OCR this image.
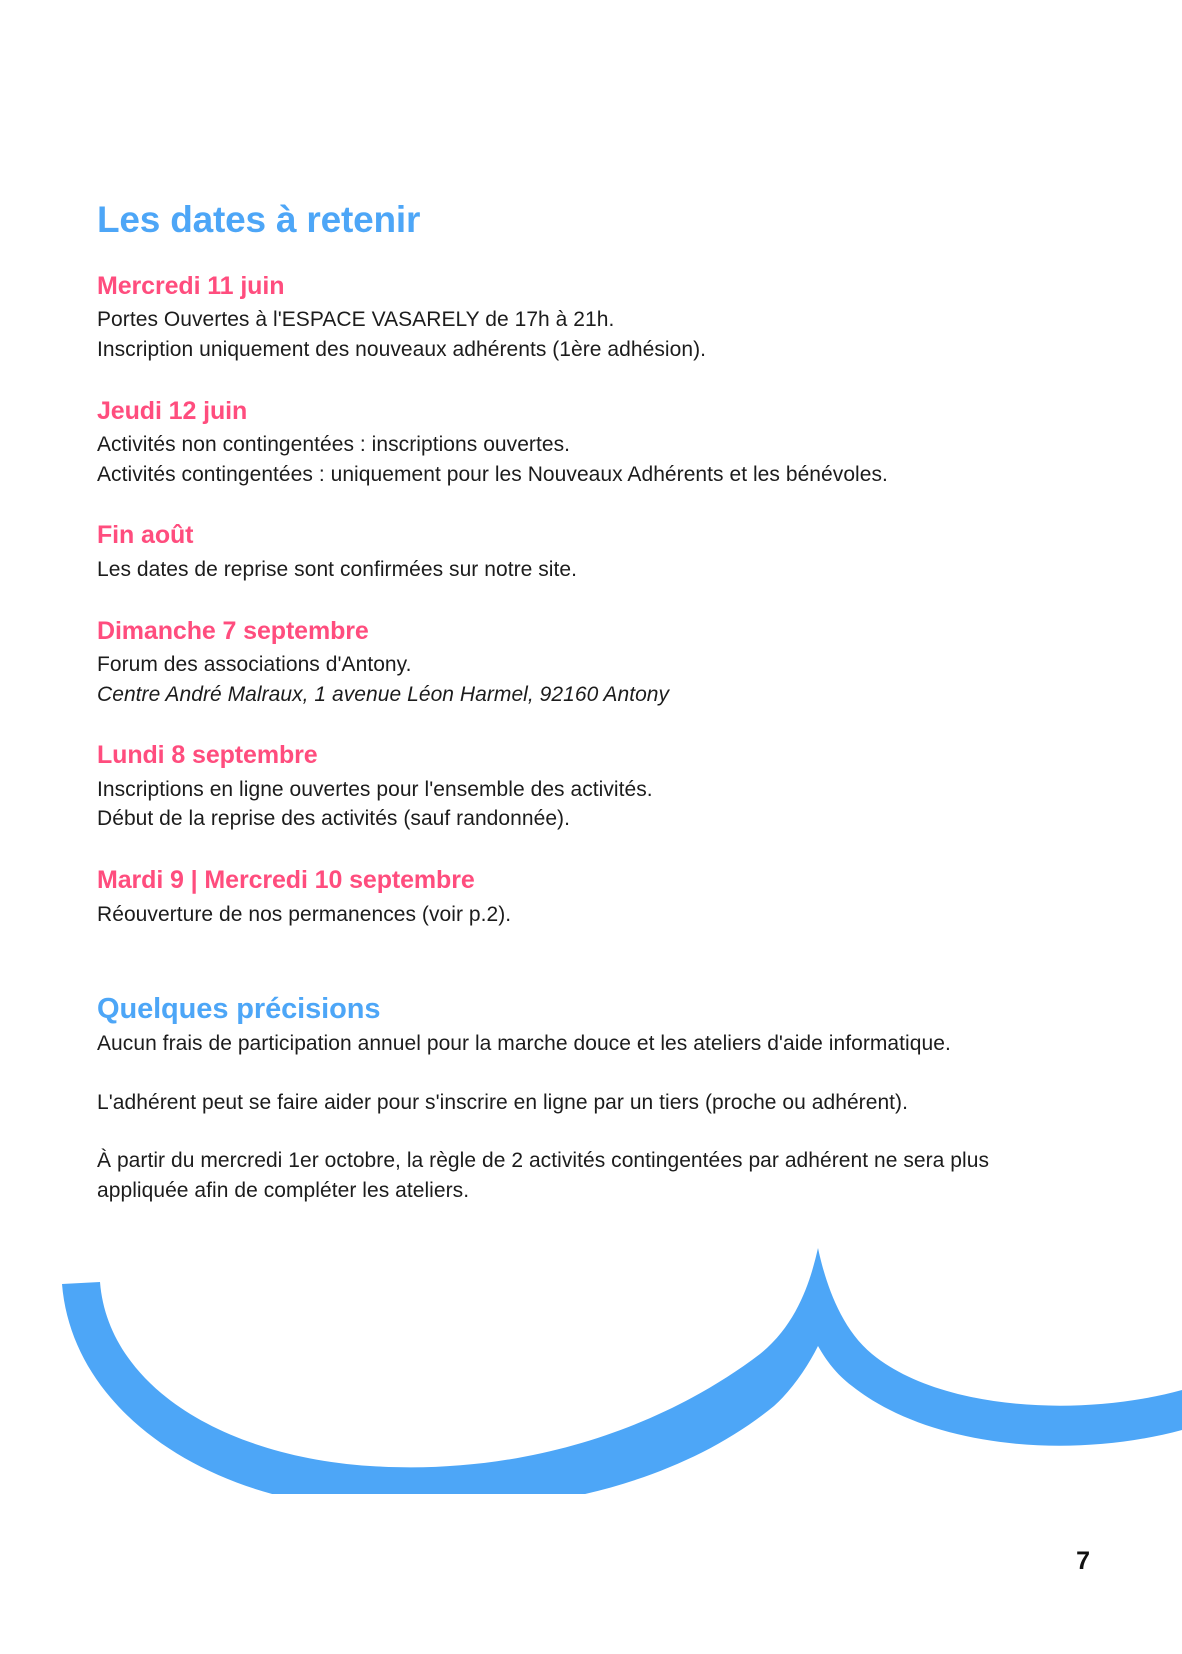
Les dates à retenir
Mercredi 11 juin

Portes Ouvertes à l'ESPACE VASARELY de 17h à 21h.

Inscription uniquement des nouveaux adhérents (1ère adhésion).

Jeudi 12 juin

Activités non contingentées : inscriptions ouvertes.

Activités contingentées : uniquement pour les Nouveaux Adhérents et les bénévoles.

Fin août

Les dates de reprise sont confirmées sur notre site.

Dimanche 7 septembre

Forum des associations d'Antony.

Centre André Malraux, 1 avenue Léon Harmel, 92160 Antony

Lundi 8 septembre

Inscriptions en ligne ouvertes pour l'ensemble des activités.

Début de la reprise des activités (sauf randonnée).

Mardi 9 | Mercredi 10 septembre

Réouverture de nos permanences (voir p.2).

Quelques précisions

Aucun frais de participation annuel pour la marche douce et les ateliers d'aide informatique.

L'adhérent peut se faire aider pour s'inscrire en ligne par un tiers (proche ou adhérent).

À partir du mercredi 1er octobre, la règle de 2 activités contingentées par adhérent ne sera plus appliquée afin de compléter les ateliers.

7
